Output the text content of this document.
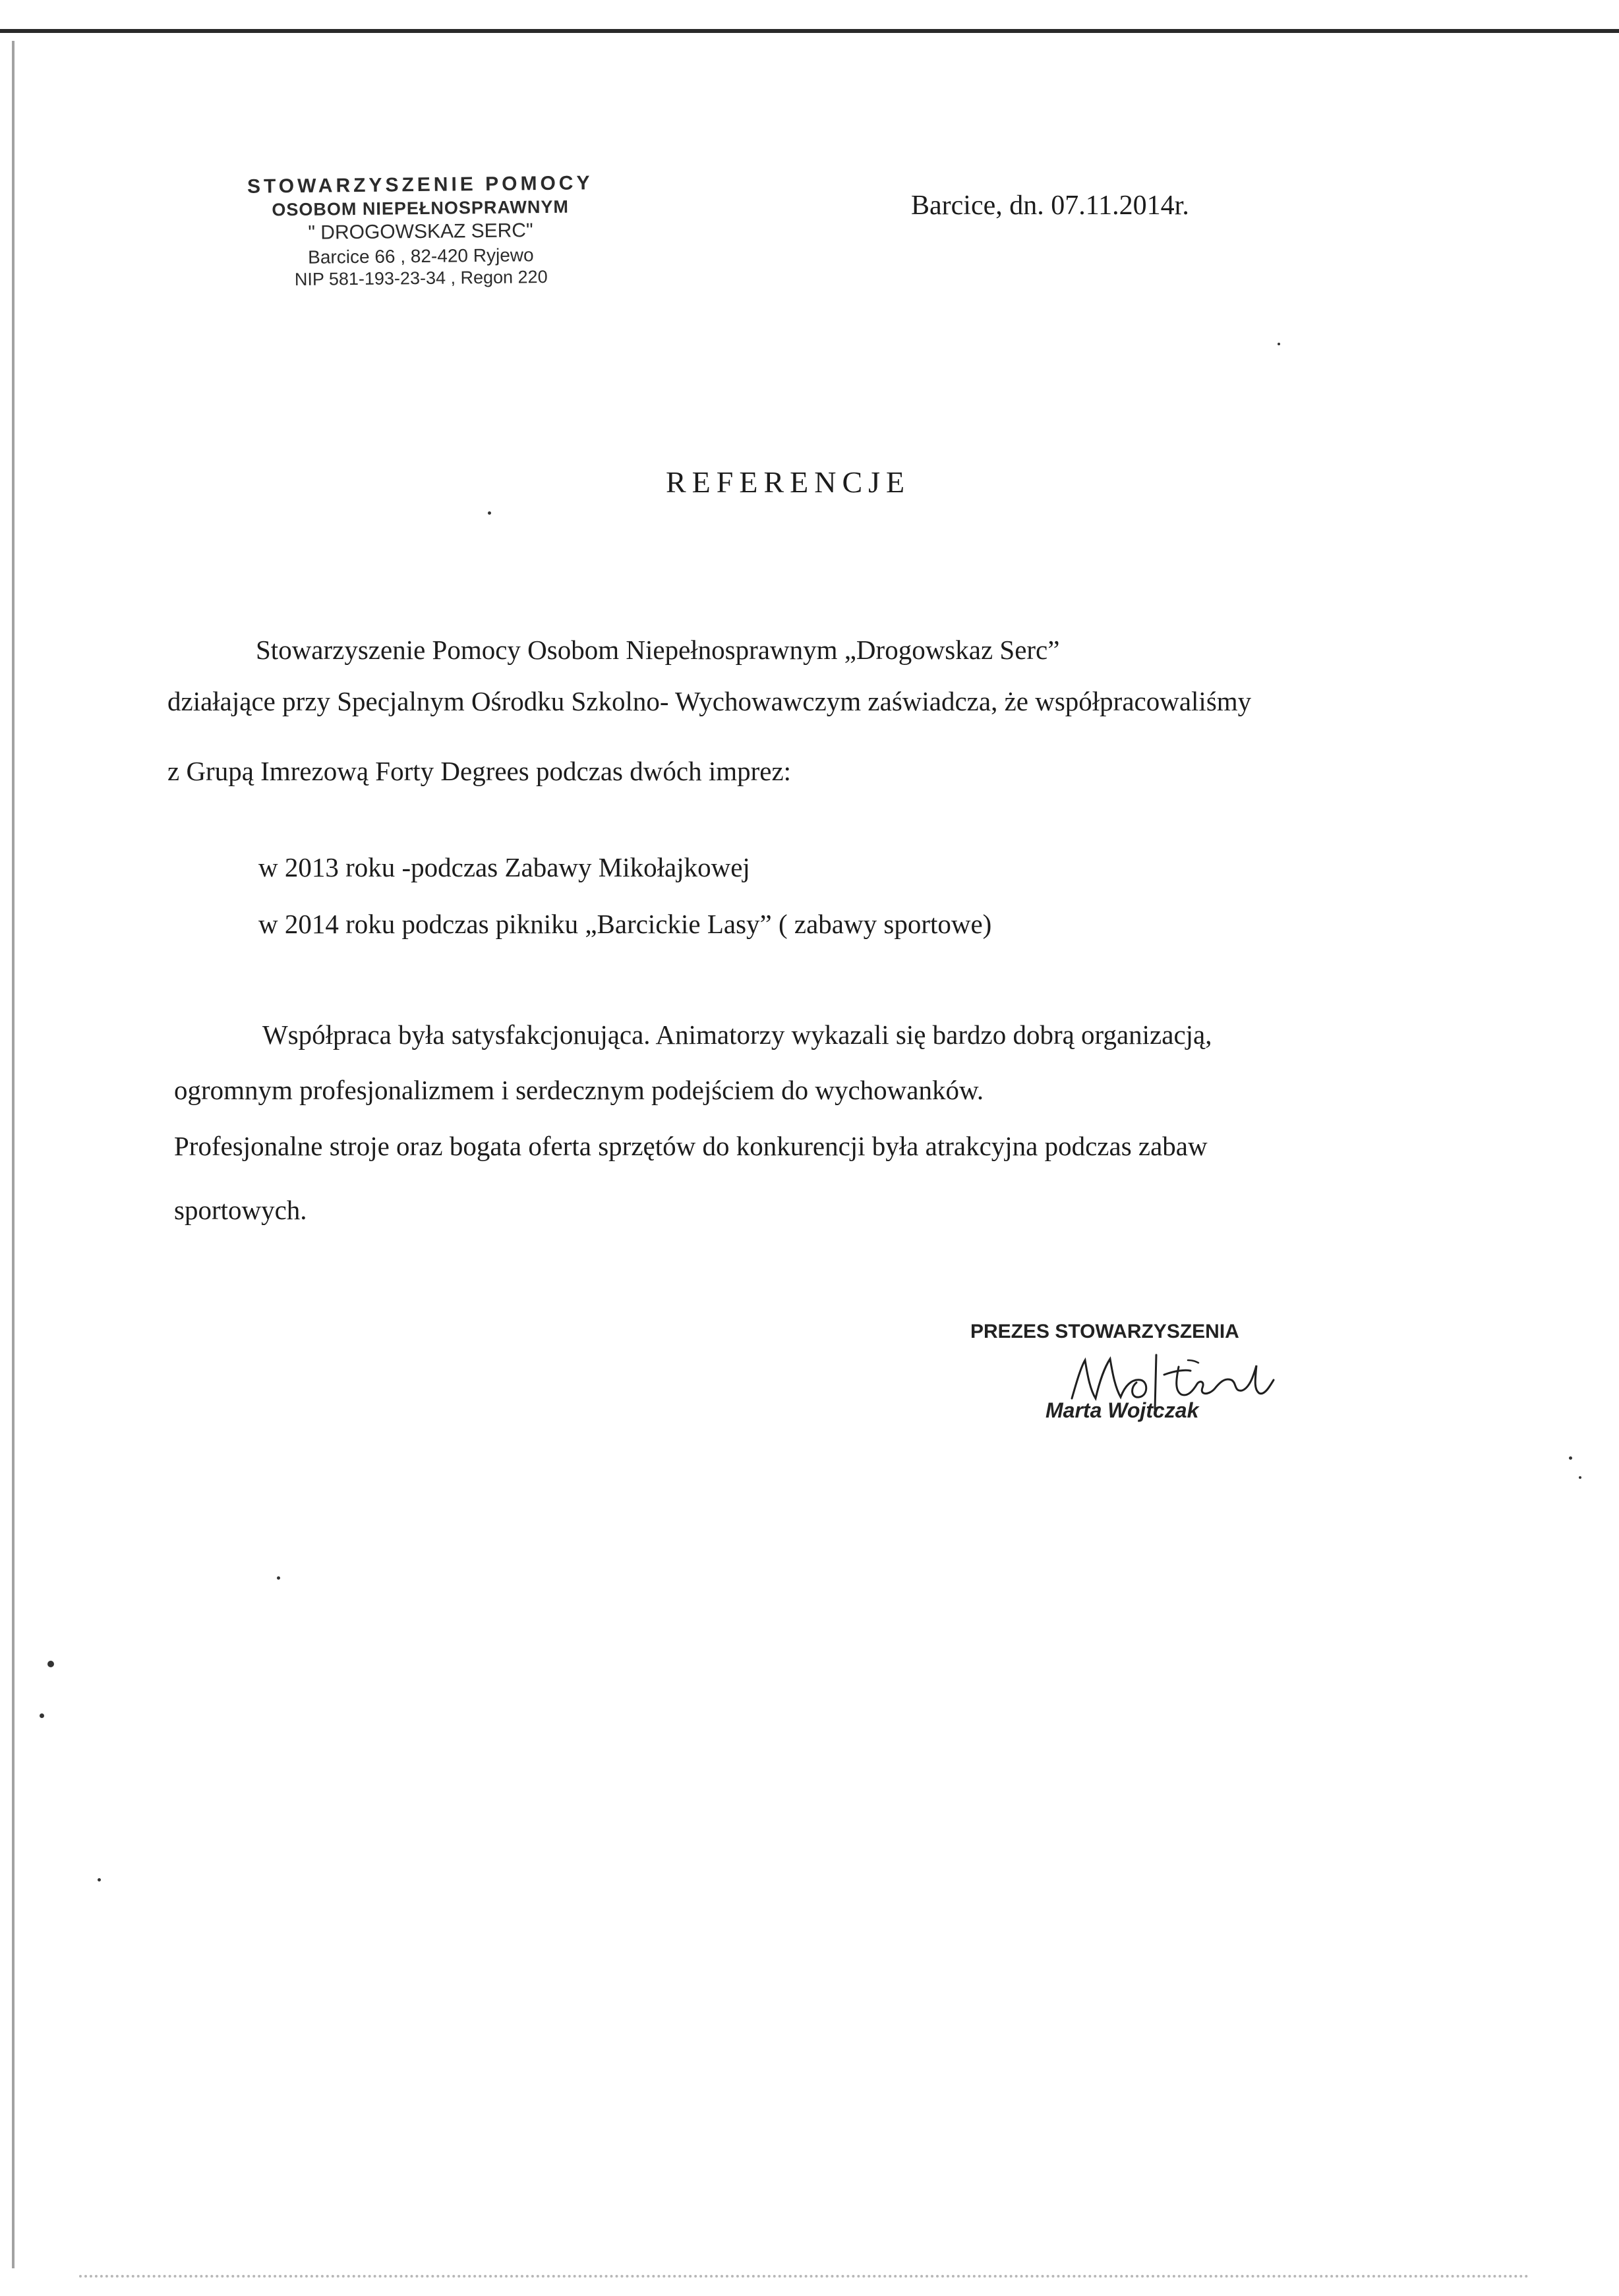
STOWARZYSZENIE POMOCY
OSOBOM NIEPEŁNOSPRAWNYM
" DROGOWSKAZ SERC"
Barcice 66 , 82-420 Ryjewo
NIP 581-193-23-34 , Regon 220
Barcice, dn. 07.11.2014r.
REFERENCJE
Stowarzyszenie Pomocy Osobom Niepełnosprawnym „Drogowskaz Serc”
działające przy Specjalnym Ośrodku Szkolno- Wychowawczym zaświadcza, że współpracowaliśmy
z Grupą Imrezową Forty Degrees podczas dwóch imprez:
w 2013 roku -podczas Zabawy Mikołajkowej
w 2014 roku podczas pikniku „Barcickie Lasy” ( zabawy sportowe)
Współpraca była satysfakcjonująca. Animatorzy wykazali się bardzo dobrą organizacją,
ogromnym profesjonalizmem i serdecznym podejściem do wychowanków.
Profesjonalne stroje oraz bogata oferta sprzętów do konkurencji była atrakcyjna podczas zabaw
sportowych.
PREZES STOWARZYSZENIA
Marta Wojtczak
